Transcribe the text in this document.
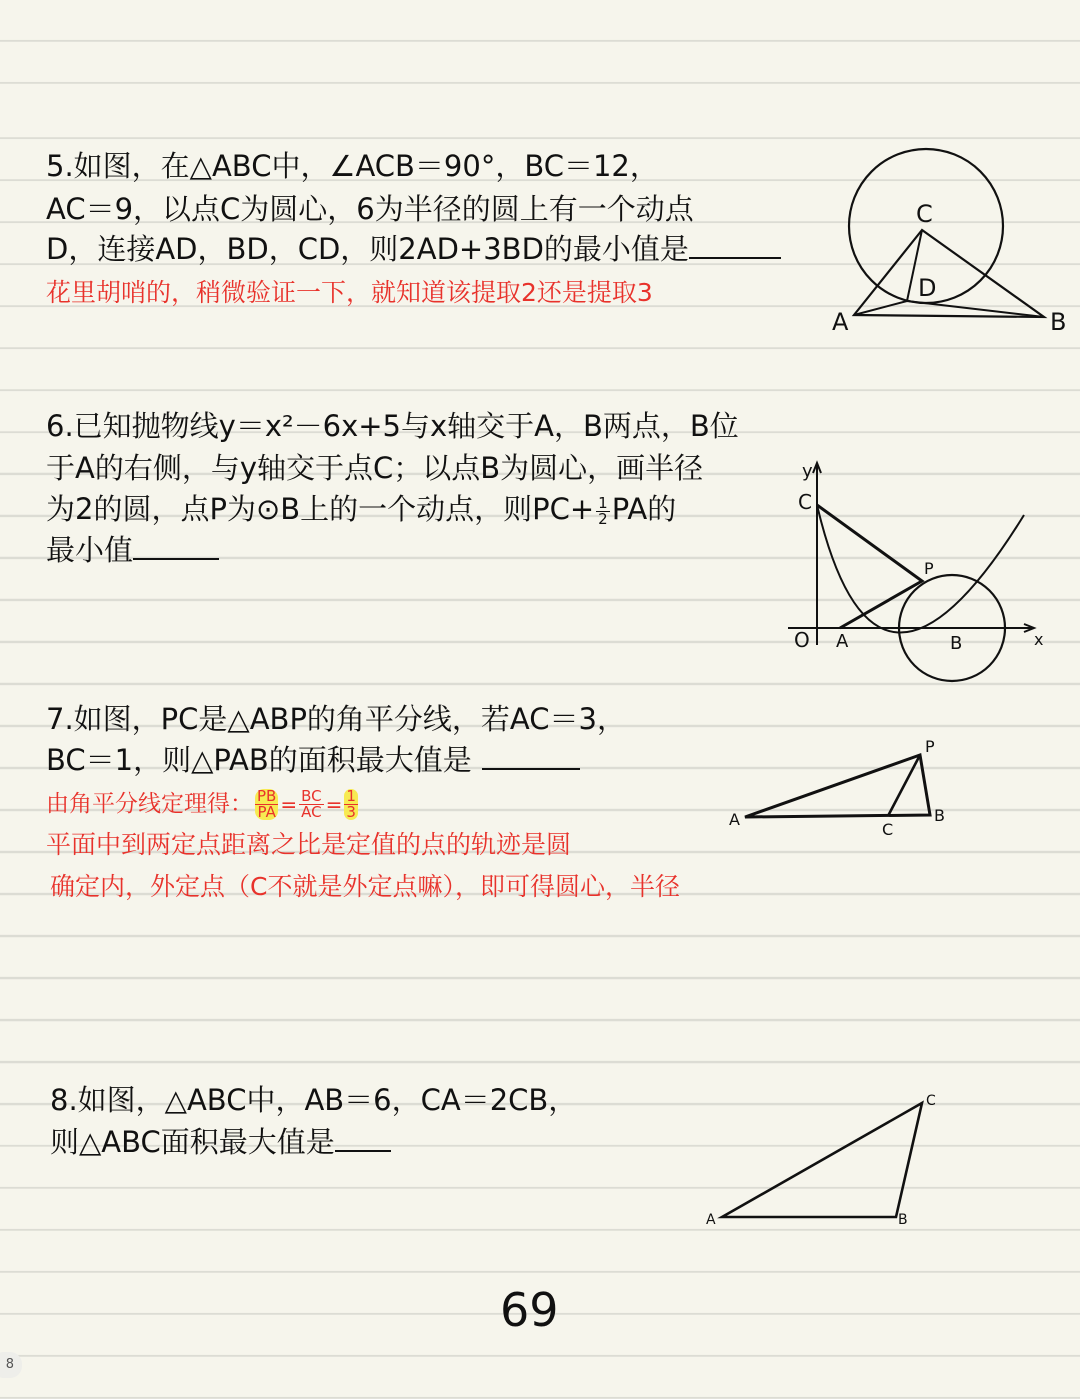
5.如图，在△ABC中，∠ACB＝90°，BC＝12，
AC＝9，以点C为圆心，6为半径的圆上有一个动点
D，连接AD，BD，CD，则2AD+3BD的最小值是
花里胡哨的，稍微验证一下，就知道该提取2还是提取3
C
D
A	B
6.已知抛物线y＝x²－6x+5与x轴交于A，B两点，B位
于A的右侧，与y轴交于点C；以点B为圆心，画半径
为2的圆，点P为⊙B上的一个动点，则$PC+ \frac{1}{2}$ PA的
最小值
y
C
P
O A	B	x
7.如图，PC是△ABP的角平分线，若AC＝3，
BC＝1，则△PAB的面积最大值是
由角平分线定理得： $\frac{PB}{PA} = \frac{BC}{AC} = \frac{1}{3}$
平面中到两定点距离之比是定值的点的轨迹是圆
确定内，外定点（C不就是外定点嘛），即可得圆心，半径
P
A
C
B
8.如图，△ABC中，AB＝6，CA＝2CB，
则△ABC面积最大值是
C
A	B
69
8
